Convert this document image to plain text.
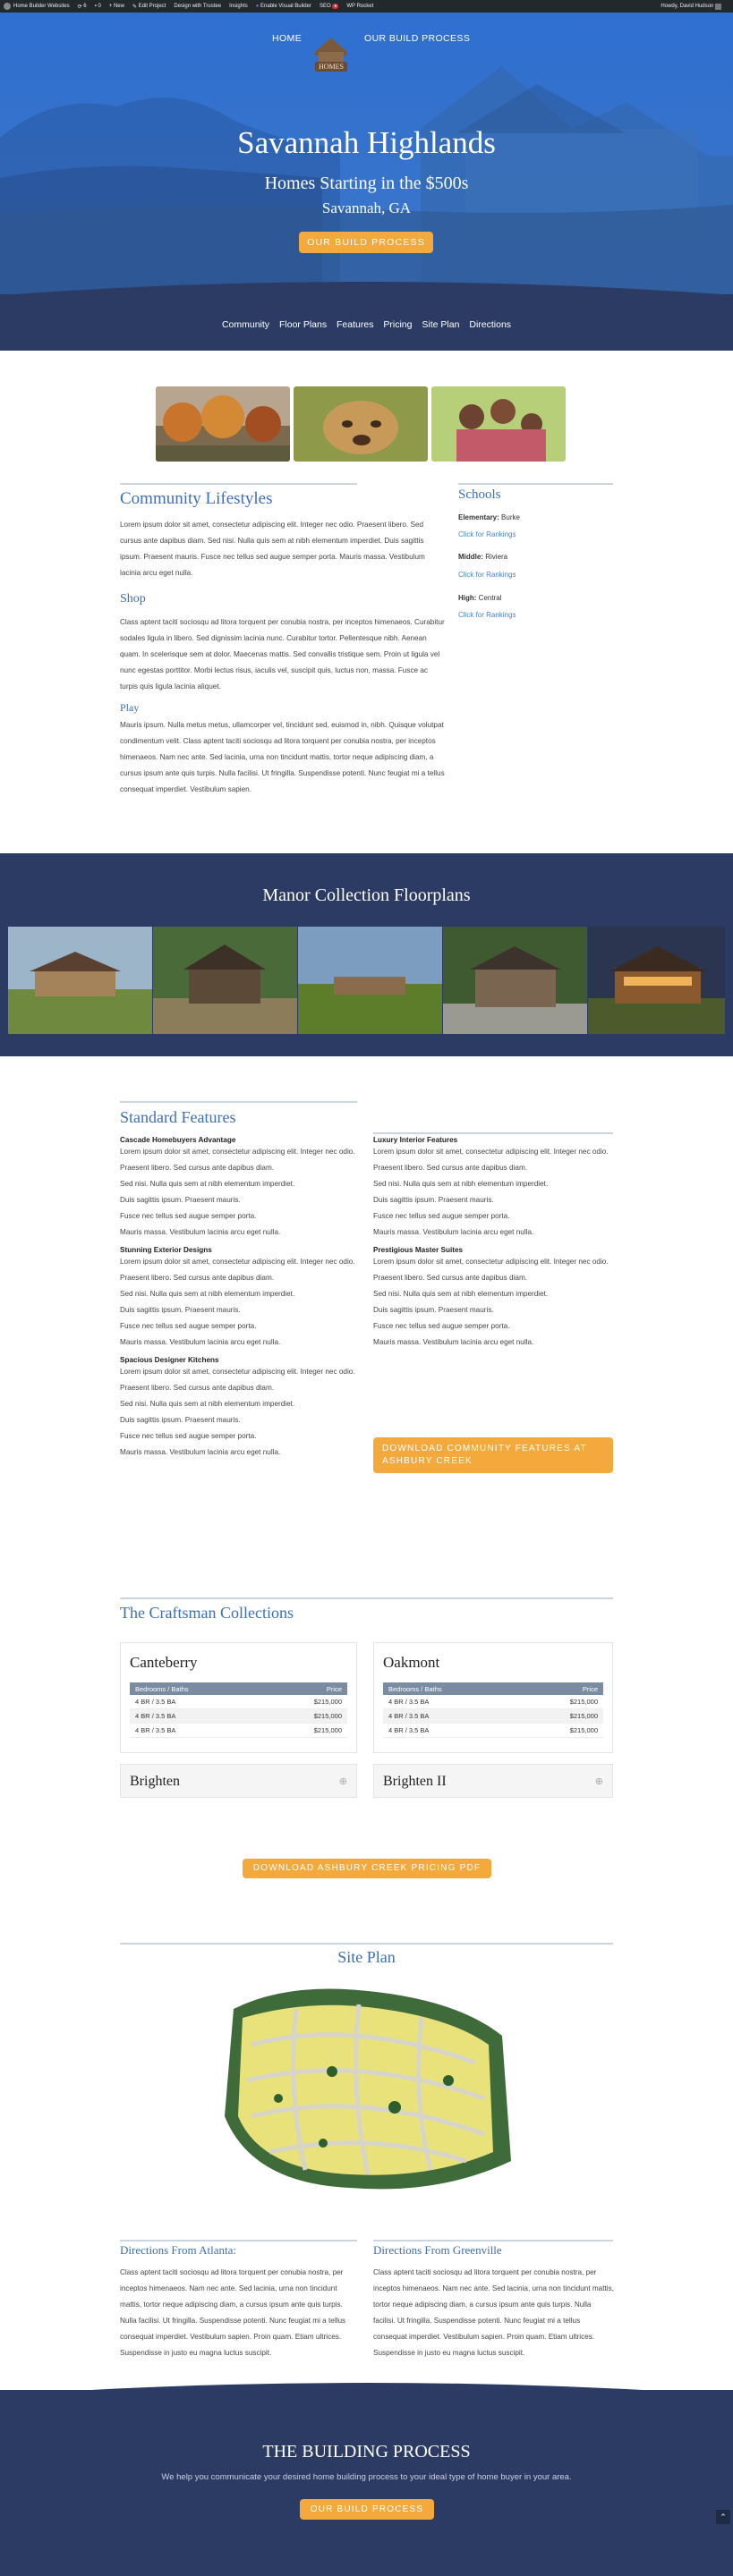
Home Builder Websites ⟳ 6 ▪ 0 + New ✎ Edit Project Design with Trustee Insights ●
Enable Visual Builder SEO
●	WP Rocket	Howdy, David Hudson

HOME
HOMES
OUR BUILD PROCESS
Savannah Highlands
Homes Starting in the $500s
Savannah, GA
OUR BUILD PROCESS
Community Floor Plans Features Pricing Site Plan Directions
Community Lifestyles

Lorem ipsum dolor sit amet, consectetur adipiscing elit. Integer nec odio. Praesent libero. Sed cursus ante dapibus diam. Sed nisi. Nulla quis sem at nibh elementum imperdiet. Duis sagittis ipsum. Praesent mauris. Fusce nec tellus sed augue semper porta. Mauris massa. Vestibulum lacinia arcu eget nulla.

Shop

Class aptent taciti sociosqu ad litora torquent per conubia nostra, per inceptos himenaeos. Curabitur sodales ligula in libero. Sed dignissim lacinia nunc. Curabitur tortor. Pellentesque nibh. Aenean quam. In scelerisque sem at dolor. Maecenas mattis. Sed convallis tristique sem. Proin ut ligula vel nunc egestas porttitor. Morbi lectus risus, iaculis vel, suscipit quis, luctus non, massa. Fusce ac turpis quis ligula lacinia aliquet.

Play

Mauris ipsum. Nulla metus metus, ullamcorper vel, tincidunt sed, euismod in, nibh. Quisque volutpat condimentum velit. Class aptent taciti sociosqu ad litora torquent per conubia nostra, per inceptos himenaeos. Nam nec ante. Sed lacinia, urna non tincidunt mattis, tortor neque adipiscing diam, a cursus ipsum ante quis turpis. Nulla facilisi. Ut fringilla. Suspendisse potenti. Nunc feugiat mi a tellus consequat imperdiet. Vestibulum sapien.

Schools
Elementary: Burke
Click for Rankings
Middle: Riviera
Click for Rankings
High: Central
Click for Rankings
Manor Collection Floorplans
Standard Features
Cascade Homebuyers Advantage
Lorem ipsum dolor sit amet, consectetur adipiscing elit. Integer nec odio.
Praesent libero. Sed cursus ante dapibus diam.
Sed nisi. Nulla quis sem at nibh elementum imperdiet.
Duis sagittis ipsum. Praesent mauris.
Fusce nec tellus sed augue semper porta.
Mauris massa. Vestibulum lacinia arcu eget nulla.
Stunning Exterior Designs
Lorem ipsum dolor sit amet, consectetur adipiscing elit. Integer nec odio.
Praesent libero. Sed cursus ante dapibus diam.
Sed nisi. Nulla quis sem at nibh elementum imperdiet.
Duis sagittis ipsum. Praesent mauris.
Fusce nec tellus sed augue semper porta.
Mauris massa. Vestibulum lacinia arcu eget nulla.
Spacious Designer Kitchens
Lorem ipsum dolor sit amet, consectetur adipiscing elit. Integer nec odio.
Praesent libero. Sed cursus ante dapibus diam.
Sed nisi. Nulla quis sem at nibh elementum imperdiet.
Duis sagittis ipsum. Praesent mauris.
Fusce nec tellus sed augue semper porta.
Mauris massa. Vestibulum lacinia arcu eget nulla.
Luxury Interior Features
Lorem ipsum dolor sit amet, consectetur adipiscing elit. Integer nec odio.
Praesent libero. Sed cursus ante dapibus diam.
Sed nisi. Nulla quis sem at nibh elementum imperdiet.
Duis sagittis ipsum. Praesent mauris.
Fusce nec tellus sed augue semper porta.
Mauris massa. Vestibulum lacinia arcu eget nulla.
Prestigious Master Suites
Lorem ipsum dolor sit amet, consectetur adipiscing elit. Integer nec odio.
Praesent libero. Sed cursus ante dapibus diam.
Sed nisi. Nulla quis sem at nibh elementum imperdiet.
Duis sagittis ipsum. Praesent mauris.
Fusce nec tellus sed augue semper porta.
Mauris massa. Vestibulum lacinia arcu eget nulla.
DOWNLOAD COMMUNITY FEATURES AT ASHBURY CREEK
The Craftsman Collections
Canteberry
Bedrooms / Baths	Price
4 BR / 3.5 BA	$215,000
4 BR / 3.5 BA	$215,000
4 BR / 3.5 BA	$215,000
Oakmont
Bedrooms / Baths	Price
4 BR / 3.5 BA	$215,000
4 BR / 3.5 BA	$215,000
4 BR / 3.5 BA	$215,000
Brighten	⊕	Brighten II	⊕
DOWNLOAD ASHBURY CREEK PRICING PDF
Site Plan
Directions From Atlanta:

Class aptent taciti sociosqu ad litora torquent per conubia nostra, per inceptos himenaeos. Nam nec ante. Sed lacinia, urna non tincidunt mattis, tortor neque adipiscing diam, a cursus ipsum ante quis turpis. Nulla facilisi. Ut fringilla. Suspendisse potenti. Nunc feugiat mi a tellus consequat imperdiet. Vestibulum sapien. Proin quam. Etiam ultrices. Suspendisse in justo eu magna luctus suscipit.

Directions From Greenville

Class aptent taciti sociosqu ad litora torquent per conubia nostra, per inceptos himenaeos. Nam nec ante. Sed lacinia, urna non tincidunt mattis, tortor neque adipiscing diam, a cursus ipsum ante quis turpis. Nulla facilisi. Ut fringilla. Suspendisse potenti. Nunc feugiat mi a tellus consequat imperdiet. Vestibulum sapien. Proin quam. Etiam ultrices. Suspendisse in justo eu magna luctus suscipit.

THE BUILDING PROCESS
We help you communicate your desired home building process to your ideal type of home buyer in your area.
OUR BUILD PROCESS
⌃
